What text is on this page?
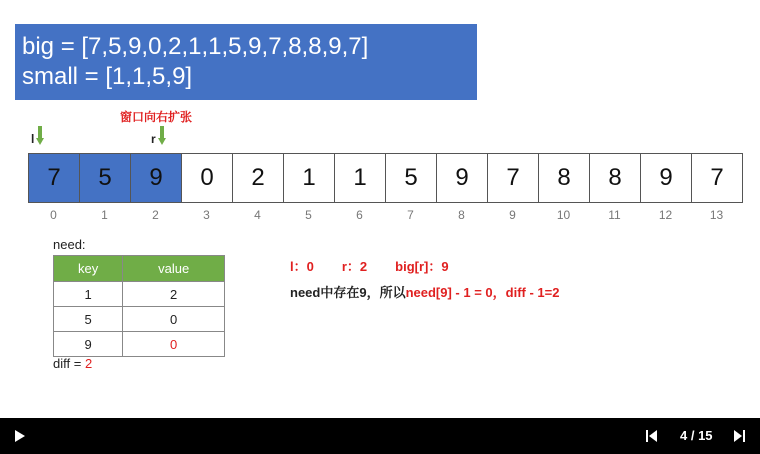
big = [7,5,9,0,2,1,1,5,9,7,8,8,9,7]
small = [1,1,5,9]
窗口向右扩张
l	r
7	5	9	0	2	1	1	5	9	7	8	8	9	7
0	1	2	3	4	5	6	7	8	9	10	11	12	13
need:
key	value
1	2
5	0
9	0
diff = 2
l：0 r：2 big[r]：9
need中存在9，所以need[9] - 1 = 0，diff - 1=2
4 / 15
